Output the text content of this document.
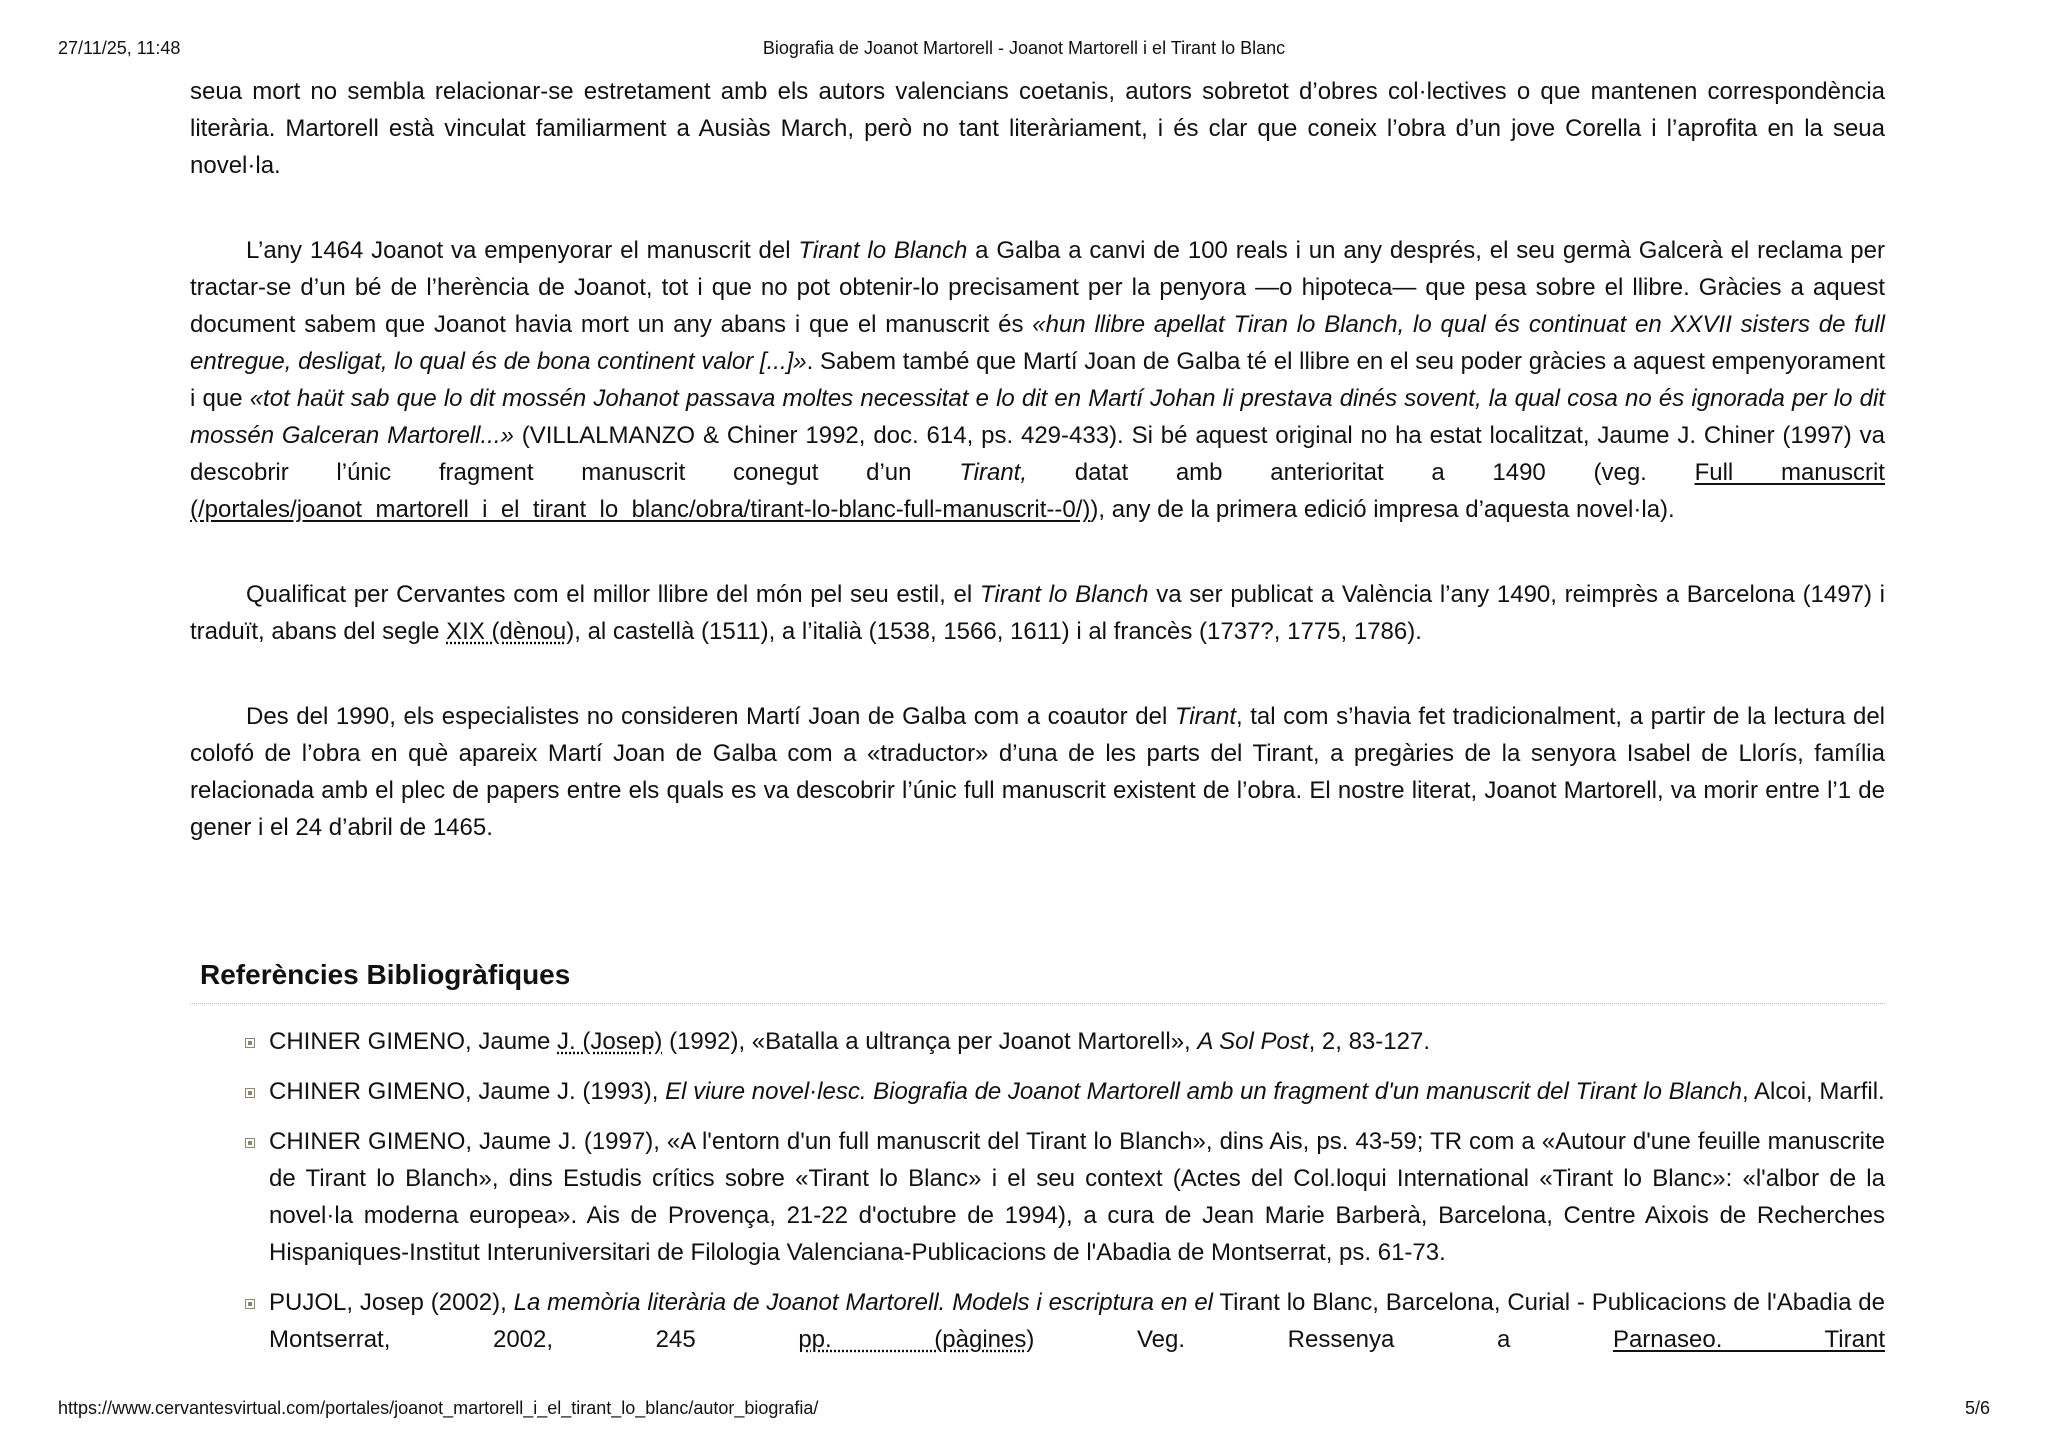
27/11/25, 11:48	Biografia de Joanot Martorell - Joanot Martorell i el Tirant lo Blanc

seua mort no sembla relacionar-se estretament amb els autors valencians coetanis, autors sobretot d’obres col·lectives o que mantenen correspondència literària. Martorell està vinculat familiarment a Ausiàs March, però no tant literàriament, i és clar que coneix l’obra d’un jove Corella i l’aprofita en la seua novel·la.

L’any 1464 Joanot va empenyorar el manuscrit del Tirant lo Blanch a Galba a canvi de 100 reals i un any després, el seu germà Galcerà el reclama per tractar-se d’un bé de l’herència de Joanot, tot i que no pot obtenir-lo precisament per la penyora —o hipoteca— que pesa sobre el llibre. Gràcies a aquest document sabem que Joanot havia mort un any abans i que el manuscrit és «hun llibre apellat Tiran lo Blanch, lo qual és continuat en XXVII sisters de full entregue, desligat, lo qual és de bona continent valor [...]». Sabem també que Martí Joan de Galba té el llibre en el seu poder gràcies a aquest empenyorament i que «tot haüt sab que lo dit mossén Johanot passava moltes necessitat e lo dit en Martí Johan li prestava dinés sovent, la qual cosa no és ignorada per lo dit mossén Galceran Martorell...» (VILLALMANZO & Chiner 1992, doc. 614, ps. 429-433). Si bé aquest original no ha estat localitzat, Jaume J. Chiner (1997) va descobrir l’únic fragment manuscrit conegut d’un Tirant, datat amb anterioritat a 1490 (veg. Full manuscrit (/portales/joanot_martorell_i_el_tirant_lo_blanc/obra/tirant-lo-blanc-full-manuscrit--0/)), any de la primera edició impresa d’aquesta novel·la).

Qualificat per Cervantes com el millor llibre del món pel seu estil, el Tirant lo Blanch va ser publicat a València l’any 1490, reimprès a Barcelona (1497) i traduït, abans del segle XIX (dènou), al castellà (1511), a l’italià (1538, 1566, 1611) i al francès (1737?, 1775, 1786).

Des del 1990, els especialistes no consideren Martí Joan de Galba com a coautor del Tirant, tal com s’havia fet tradicionalment, a partir de la lectura del colofó de l’obra en què apareix Martí Joan de Galba com a «traductor» d’una de les parts del Tirant, a pregàries de la senyora Isabel de Llorís, família relacionada amb el plec de papers entre els quals es va descobrir l’únic full manuscrit existent de l’obra. El nostre literat, Joanot Martorell, va morir entre l’1 de gener i el 24 d’abril de 1465.

Referències Bibliogràfiques
CHINER GIMENO, Jaume J. (Josep) (1992), «Batalla a ultrança per Joanot Martorell», A Sol Post, 2, 83-127.
CHINER GIMENO, Jaume J. (1993), El viure novel·lesc. Biografia de Joanot Martorell amb un fragment d'un manuscrit del Tirant lo Blanch, Alcoi, Marfil.
CHINER GIMENO, Jaume J. (1997), «A l'entorn d'un full manuscrit del Tirant lo Blanch», dins Ais, ps. 43-59; TR com a «Autour d'une feuille manuscrite de Tirant lo Blanch», dins Estudis crítics sobre «Tirant lo Blanc» i el seu context (Actes del Col.loqui International «Tirant lo Blanc»: «l'albor de la novel·la moderna europea». Ais de Provença, 21-22 d'octubre de 1994), a cura de Jean Marie Barberà, Barcelona, Centre Aixois de Recherches Hispaniques-Institut Interuniversitari de Filologia Valenciana-Publicacions de l'Abadia de Montserrat, ps. 61-73.
PUJOL, Josep (2002), La memòria literària de Joanot Martorell. Models i escriptura en el Tirant lo Blanc, Barcelona, Curial - Publicacions de l'Abadia de Montserrat, 2002, 245 pp. (pàgines) Veg. Ressenya a Parnaseo. Tirant
https://www.cervantesvirtual.com/portales/joanot_martorell_i_el_tirant_lo_blanc/autor_biografia/	5/6
